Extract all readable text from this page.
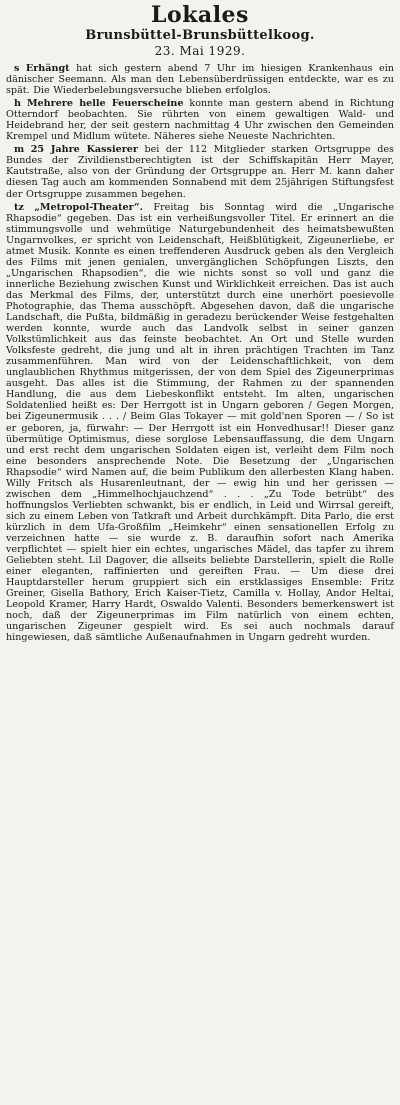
Lokales
Brunsbüttel-Brunsbüttelkoog.
23. Mai 1929.

s Erhängt hat sich gestern abend 7 Uhr im hiesigen Krankenhaus ein dänischer Seemann. Als man den Lebensüberdrüssigen entdeckte, war es zu spät. Die Wiederbelebungsversuche blieben erfolglos.

h Mehrere helle Feuerscheine konnte man gestern abend in Richtung Otterndorf beobachten. Sie rührten von einem gewaltigen Wald- und Heidebrand her, der seit gestern nachmittag 4 Uhr zwischen den Gemeinden Krempel und Midlum wütete. Näheres siehe Neueste Nachrichten.

m 25 Jahre Kassierer bei der 112 Mitglieder starken Ortsgruppe des Bundes der Zivildienstberechtigten ist der Schiffskapitän Herr Mayer, Kautstraße, also von der Gründung der Ortsgruppe an. Herr M. kann daher diesen Tag auch am kommenden Sonnabend mit dem 25jährigen Stiftungsfest der Ortsgruppe zusammen begehen.

tz „Metropol-Theater“. Freitag bis Sonntag wird die „Ungarische Rhapsodie“ gegeben. Das ist ein verheißungsvoller Titel. Er erinnert an die stimmungsvolle und wehmütige Naturgebundenheit des heimatsbewußten Ungarnvolkes, er spricht von Leidenschaft, Heißblütigkeit, Zigeunerliebe, er atmet Musik. Konnte es einen treffenderen Ausdruck geben als den Vergleich des Films mit jenen genialen, unvergänglichen Schöpfungen Liszts, den „Ungarischen Rhapsodien“, die wie nichts sonst so voll und ganz die innerliche Beziehung zwischen Kunst und Wirklichkeit erreichen. Das ist auch das Merkmal des Films, der, unterstützt durch eine unerhört poesievolle Photographie, das Thema ausschöpft. Abgesehen davon, daß die ungarische Landschaft, die Pußta, bildmäßig in geradezu berückender Weise festgehalten werden konnte, wurde auch das Landvolk selbst in seiner ganzen Volkstümlichkeit aus das feinste beobachtet. An Ort und Stelle wurden Volksfeste gedreht, die jung und alt in ihren prächtigen Trachten im Tanz zusammenführen. Man wird von der Leidenschaftlichkeit, von dem unglaublichen Rhythmus mitgerissen, der von dem Spiel des Zigeunerprimas ausgeht. Das alles ist die Stimmung, der Rahmen zu der spannenden Handlung, die aus dem Liebeskonflikt entsteht. Im alten, ungarischen Soldatenlied heißt es: Der Herrgott ist in Ungarn geboren / Gegen Morgen, bei Zigeunermusik . . . / Beim Glas Tokayer — mit gold'nen Sporen — / So ist er geboren, ja, fürwahr: — Der Herrgott ist ein Honvedhusar!! Dieser ganz übermütige Optimismus, diese sorglose Lebensauffassung, die dem Ungarn und erst recht dem ungarischen Soldaten eigen ist, verleiht dem Film noch eine besonders ansprechende Note. Die Besetzung der „Ungarischen Rhapsodie“ wird Namen auf, die beim Publikum den allerbesten Klang haben. Willy Fritsch als Husarenleutnant, der — ewig hin und her gerissen — zwischen dem „Himmelhochjauchzend“ . . . „Zu Tode betrübt“ des hoffnungslos Verliebten schwankt, bis er endlich, in Leid und Wirrsal gereift, sich zu einem Leben von Tatkraft und Arbeit durchkämpft. Dita Parlo, die erst kürzlich in dem Ufa-Großfilm „Heimkehr“ einen sensationellen Erfolg zu verzeichnen hatte — sie wurde z. B. daraufhin sofort nach Amerika verpflichtet — spielt hier ein echtes, ungarisches Mädel, das tapfer zu ihrem Geliebten steht. Lil Dagover, die allseits beliebte Darstellerin, spielt die Rolle einer eleganten, raffinierten und gereiften Frau. — Um diese drei Hauptdarsteller herum gruppiert sich ein erstklassiges Ensemble: Fritz Greiner, Gisella Bathory, Erich Kaiser-Tietz, Camilla v. Hollay, Andor Heltai, Leopold Kramer, Harry Hardt, Oswaldo Valenti. Besonders bemerkenswert ist noch, daß der Zigeunerprimas im Film natürlich von einem echten, ungarischen Zigeuner gespielt wird. Es sei auch nochmals darauf hingewiesen, daß sämtliche Außenaufnahmen in Ungarn gedreht wurden.
